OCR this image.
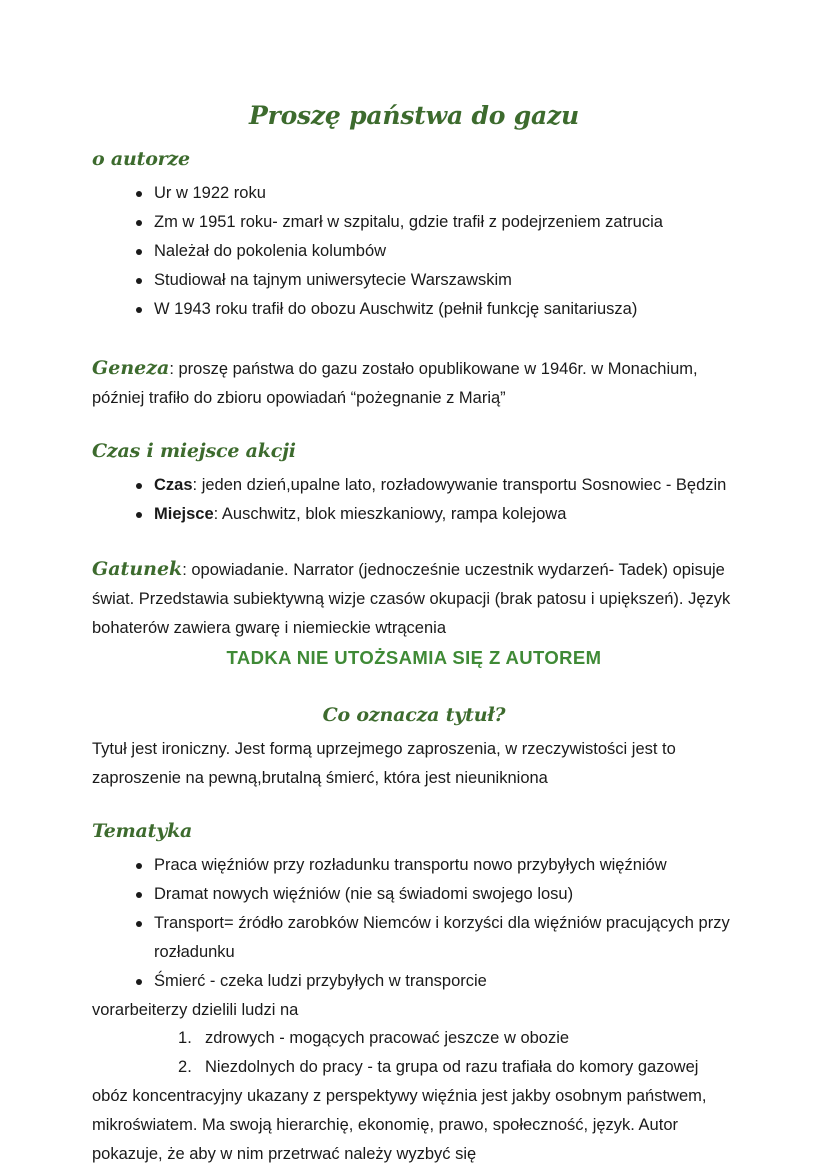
Proszę państwa do gazu
o autorze
Ur w 1922 roku
Zm w 1951 roku- zmarł w szpitalu, gdzie trafił z podejrzeniem zatrucia
Należał do pokolenia kolumbów
Studiował na tajnym uniwersytecie Warszawskim
W 1943 roku trafił do obozu Auschwitz (pełnił funkcję sanitariusza)

Geneza: proszę państwa do gazu zostało opublikowane w 1946r. w Monachium, później trafiło do zbioru opowiadań “pożegnanie z Marią”

Czas i miejsce akcji
Czas: jeden dzień,upalne lato, rozładowywanie transportu Sosnowiec - Będzin
Miejsce: Auschwitz, blok mieszkaniowy, rampa kolejowa

Gatunek: opowiadanie. Narrator (jednocześnie uczestnik wydarzeń- Tadek) opisuje świat. Przedstawia subiektywną wizje czasów okupacji (brak patosu i upiększeń). Język bohaterów zawiera gwarę i niemieckie wtrącenia

TADKA NIE UTOŻSAMIA SIĘ Z AUTOREM

Co oznacza tytuł?

Tytuł jest ironiczny. Jest formą uprzejmego zaproszenia, w rzeczywistości jest to zaproszenie na pewną,brutalną śmierć, która jest nieunikniona

Tematyka
Praca więźniów przy rozładunku transportu nowo przybyłych więźniów
Dramat nowych więźniów (nie są świadomi swojego losu)
Transport= źródło zarobków Niemców i korzyści dla więźniów pracujących przy rozładunku
Śmierć - czeka ludzi przybyłych w transporcie

vorarbeiterzy dzielili ludzi na

zdrowych - mogących pracować jeszcze w obozie
Niezdolnych do pracy - ta grupa od razu trafiała do komory gazowej

obóz koncentracyjny ukazany z perspektywy więźnia jest jakby osobnym państwem, mikroświatem. Ma swoją hierarchię, ekonomię, prawo, społeczność, język. Autor pokazuje, że aby w nim przetrwać należy wyzbyć się
